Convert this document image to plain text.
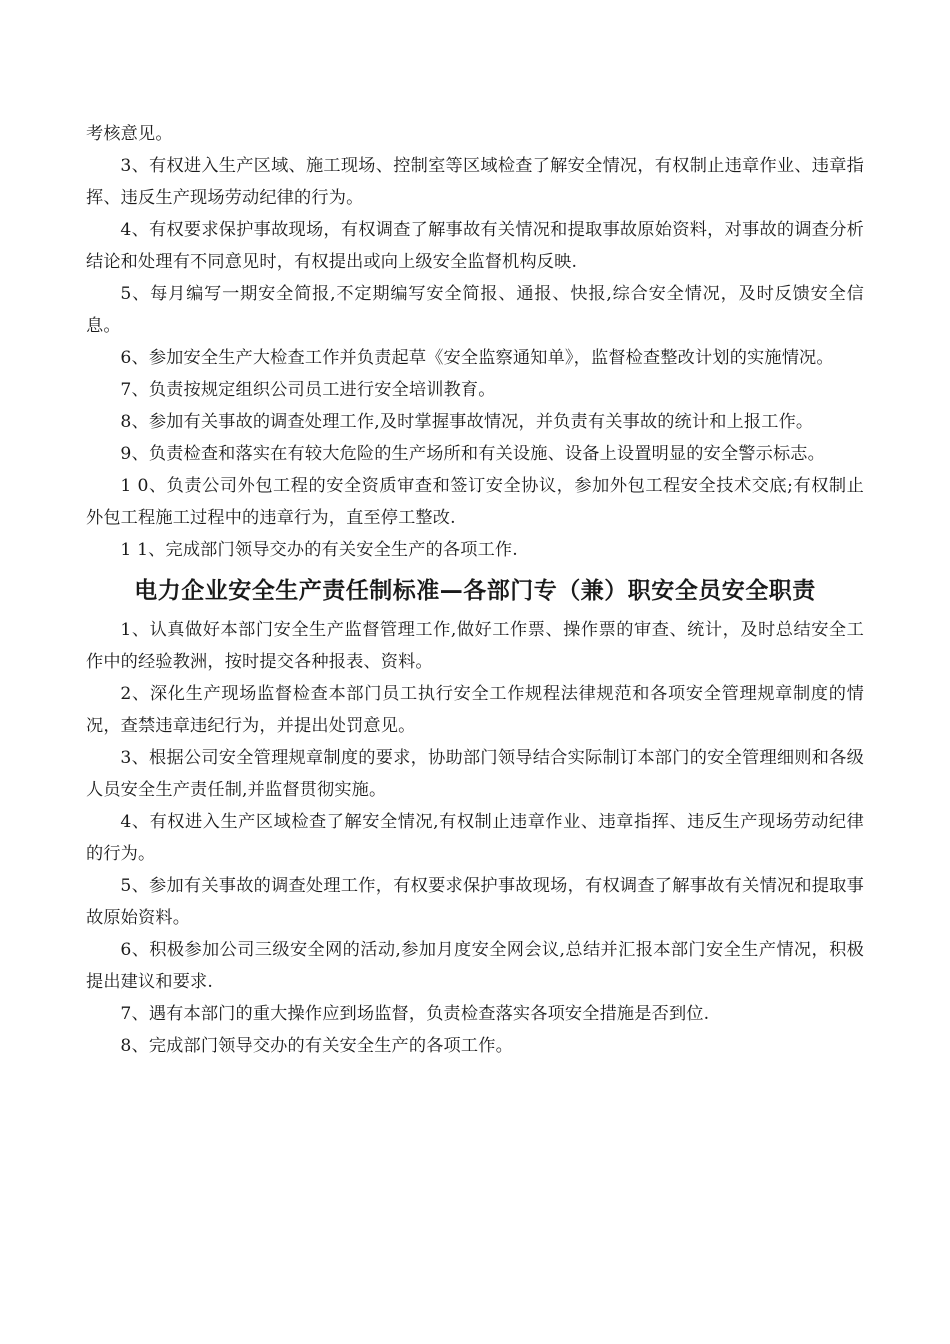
考核意见。

3、有权进入生产区域、施工现场、控制室等区域检查了解安全情况，有权制止违章作业、违章指挥、违反生产现场劳动纪律的行为。

4、有权要求保护事故现场，有权调查了解事故有关情况和提取事故原始资料，对事故的调查分析结论和处理有不同意见时，有权提出或向上级安全监督机构反映.

5、每月编写一期安全简报,不定期编写安全简报、通报、快报,综合安全情况，及时反馈安全信息。

6、参加安全生产大检查工作并负责起草《安全监察通知单》，监督检查整改计划的实施情况。

7、负责按规定组织公司员工进行安全培训教育。

8、参加有关事故的调查处理工作,及时掌握事故情况，并负责有关事故的统计和上报工作。

9、负责检查和落实在有较大危险的生产场所和有关设施、设备上设置明显的安全警示标志。

1 0、负责公司外包工程的安全资质审查和签订安全协议，参加外包工程安全技术交底;有权制止外包工程施工过程中的违章行为，直至停工整改.

1 1、完成部门领导交办的有关安全生产的各项工作.

电力企业安全生产责任制标准—各部门专（兼）职安全员安全职责

1、认真做好本部门安全生产监督管理工作,做好工作票、操作票的审查、统计，及时总结安全工作中的经验教洲，按时提交各种报表、资料。

2、深化生产现场监督检查本部门员工执行安全工作规程法律规范和各项安全管理规章制度的情况，查禁违章违纪行为，并提出处罚意见。

3、根据公司安全管理规章制度的要求，协助部门领导结合实际制订本部门的安全管理细则和各级人员安全生产责任制,并监督贯彻实施。

4、有权进入生产区域检查了解安全情况,有权制止违章作业、违章指挥、违反生产现场劳动纪律的行为。

5、参加有关事故的调查处理工作，有权要求保护事故现场，有权调查了解事故有关情况和提取事故原始资料。

6、积极参加公司三级安全网的活动,参加月度安全网会议,总结并汇报本部门安全生产情况，积极提出建议和要求.

7、遇有本部门的重大操作应到场监督，负责检查落实各项安全措施是否到位.

8、完成部门领导交办的有关安全生产的各项工作。
